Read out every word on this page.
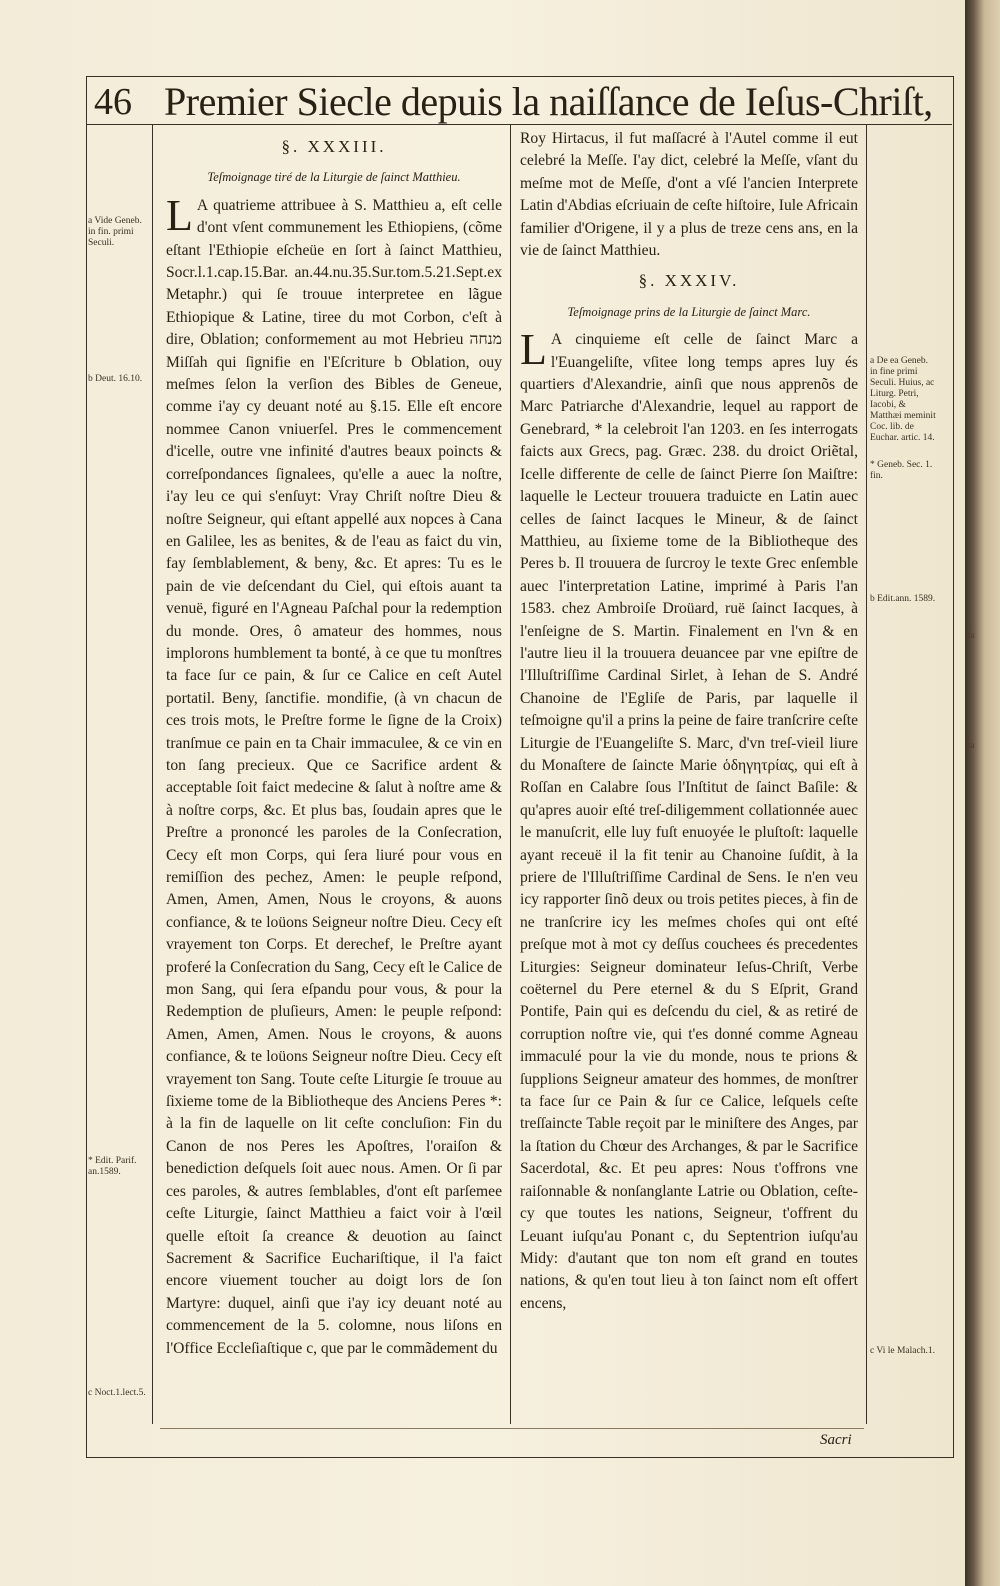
ſa
ta
46 Premier Siecle depuis la naiſſance de Ieſus-Chriſt,
a Vide Geneb. in fin. primi Seculi.
b Deut. 16.10.
* Edit. Parif. an.1589.
c Noct.1.lect.5.
a De ea Geneb. in fine primi Seculi. Huius, ac Liturg. Petri, Iacobi, & Matthæi meminit Coc. lib. de Euchar. artic. 14.
* Geneb. Sec. 1. fin.
b Edit.ann. 1589.
c Vi le Malach.1.
§. XXXIII.
Teſmoignage tiré de la Liturgie de ſainct Matthieu.

L A quatrieme attribuee à S. Matthieu a, eſt celle d'ont vſent communement les Ethiopiens, (cõme eſtant l'Ethiopie eſcheüe en ſort à ſainct Matthieu, Socr.l.1.cap.15.Bar. an.44.nu.35.Sur.tom.5.21.Sept.ex Metaphr.) qui ſe trouue interpretee en lãgue Ethiopique & Latine, tiree du mot Corbon, c'eſt à dire, Oblation; conformement au mot Hebrieu מנחה Miſſah qui ſignifie en l'Eſcriture b Oblation, ouy meſmes ſelon la verſion des Bibles de Geneue, comme i'ay cy deuant noté au §.15. Elle eſt encore nommee Canon vniuerſel. Pres le commencement d'icelle, outre vne infinité d'autres beaux poincts & correſpondances ſignalees, qu'elle a auec la noſtre, i'ay leu ce qui s'enſuyt: Vray Chriſt noſtre Dieu & noſtre Seigneur, qui eſtant appellé aux nopces à Cana en Galilee, les as benites, & de l'eau as faict du vin, fay ſemblablement, & beny, &c. Et apres: Tu es le pain de vie deſcendant du Ciel, qui eſtois auant ta venuë, figuré en l'Agneau Paſchal pour la redemption du monde. Ores, ô amateur des hommes, nous implorons humblement ta bonté, à ce que tu monſtres ta face ſur ce pain, & ſur ce Calice en ceſt Autel portatil. Beny, ſanctifie. mondifie, (à vn chacun de ces trois mots, le Preſtre forme le ſigne de la Croix) tranſmue ce pain en ta Chair immaculee, & ce vin en ton ſang precieux. Que ce Sacrifice ardent & acceptable ſoit faict medecine & ſalut à noſtre ame & à noſtre corps, &c. Et plus bas, ſoudain apres que le Preſtre a prononcé les paroles de la Conſecration, Cecy eſt mon Corps, qui ſera liuré pour vous en remiſſion des pechez, Amen: le peuple reſpond, Amen, Amen, Amen, Nous le croyons, & auons confiance, & te loüons Seigneur noſtre Dieu. Cecy eſt vrayement ton Corps. Et derechef, le Preſtre ayant proferé la Conſecration du Sang, Cecy eſt le Calice de mon Sang, qui ſera eſpandu pour vous, & pour la Redemption de pluſieurs, Amen: le peuple reſpond: Amen, Amen, Amen. Nous le croyons, & auons confiance, & te loüons Seigneur noſtre Dieu. Cecy eſt vrayement ton Sang. Toute ceſte Liturgie ſe trouue au ſixieme tome de la Bibliotheque des Anciens Peres *: à la fin de laquelle on lit ceſte concluſion: Fin du Canon de nos Peres les Apoſtres, l'oraiſon & benediction deſquels ſoit auec nous. Amen. Or ſi par ces paroles, & autres ſemblables, d'ont eſt parſemee ceſte Liturgie, ſainct Matthieu a faict voir à l'œil quelle eſtoit ſa creance & deuotion au ſainct Sacrement & Sacrifice Euchariſtique, il l'a faict encore viuement toucher au doigt lors de ſon Martyre: duquel, ainſi que i'ay icy deuant noté au commencement de la 5. colomne, nous liſons en l'Office Eccleſiaſtique c, que par le commãdement du

Roy Hirtacus, il fut maſſacré à l'Autel comme il eut celebré la Meſſe. I'ay dict, celebré la Meſſe, vſant du meſme mot de Meſſe, d'ont a vſé l'ancien Interprete Latin d'Abdias eſcriuain de ceſte hiſtoire, Iule Africain familier d'Origene, il y a plus de treze cens ans, en la vie de ſainct Matthieu.

§. XXXIV.
Teſmoignage prins de la Liturgie de ſainct Marc.

L A cinquieme eſt celle de ſainct Marc a l'Euangeliſte, vſitee long temps apres luy és quartiers d'Alexandrie, ainſi que nous apprenõs de Marc Patriarche d'Alexandrie, lequel au rapport de Genebrard, * la celebroit l'an 1203. en ſes interrogats faicts aux Grecs, pag. Græc. 238. du droict Oriẽtal, Icelle differente de celle de ſainct Pierre ſon Maiſtre: laquelle le Lecteur trouuera traduicte en Latin auec celles de ſainct Iacques le Mineur, & de ſainct Matthieu, au ſixieme tome de la Bibliotheque des Peres b. Il trouuera de ſurcroy le texte Grec enſemble auec l'interpretation Latine, imprimé à Paris l'an 1583. chez Ambroiſe Droüard, ruë ſainct Iacques, à l'enſeigne de S. Martin. Finalement en l'vn & en l'autre lieu il la trouuera deuancee par vne epiſtre de l'Illuſtriſſime Cardinal Sirlet, à Iehan de S. André Chanoine de l'Egliſe de Paris, par laquelle il teſmoigne qu'il a prins la peine de faire tranſcrire ceſte Liturgie de l'Euangeliſte S. Marc, d'vn treſ-vieil liure du Monaſtere de ſaincte Marie ὁδηγητρίας, qui eſt à Roſſan en Calabre ſous l'Inſtitut de ſainct Baſile: & qu'apres auoir eſté treſ-diligemment collationnée auec le manuſcrit, elle luy fuſt enuoyée le pluſtoſt: laquelle ayant receuë il la fit tenir au Chanoine ſuſdit, à la priere de l'Illuſtriſſime Cardinal de Sens. Ie n'en veu icy rapporter ſinõ deux ou trois petites pieces, à fin de ne tranſcrire icy les meſmes choſes qui ont eſté preſque mot à mot cy deſſus couchees és precedentes Liturgies: Seigneur dominateur Ieſus-Chriſt, Verbe coëternel du Pere eternel & du S Eſprit, Grand Pontife, Pain qui es deſcendu du ciel, & as retiré de corruption noſtre vie, qui t'es donné comme Agneau immaculé pour la vie du monde, nous te prions & ſupplions Seigneur amateur des hommes, de monſtrer ta face ſur ce Pain & ſur ce Calice, leſquels ceſte treſſaincte Table reçoit par le miniſtere des Anges, par la ſtation du Chœur des Archanges, & par le Sacrifice Sacerdotal, &c. Et peu apres: Nous t'offrons vne raiſonnable & nonſanglante Latrie ou Oblation, ceſte-cy que toutes les nations, Seigneur, t'offrent du Leuant iuſqu'au Ponant c, du Septentrion iuſqu'au Midy: d'autant que ton nom eſt grand en toutes nations, & qu'en tout lieu à ton ſainct nom eſt offert encens,

Sacri
